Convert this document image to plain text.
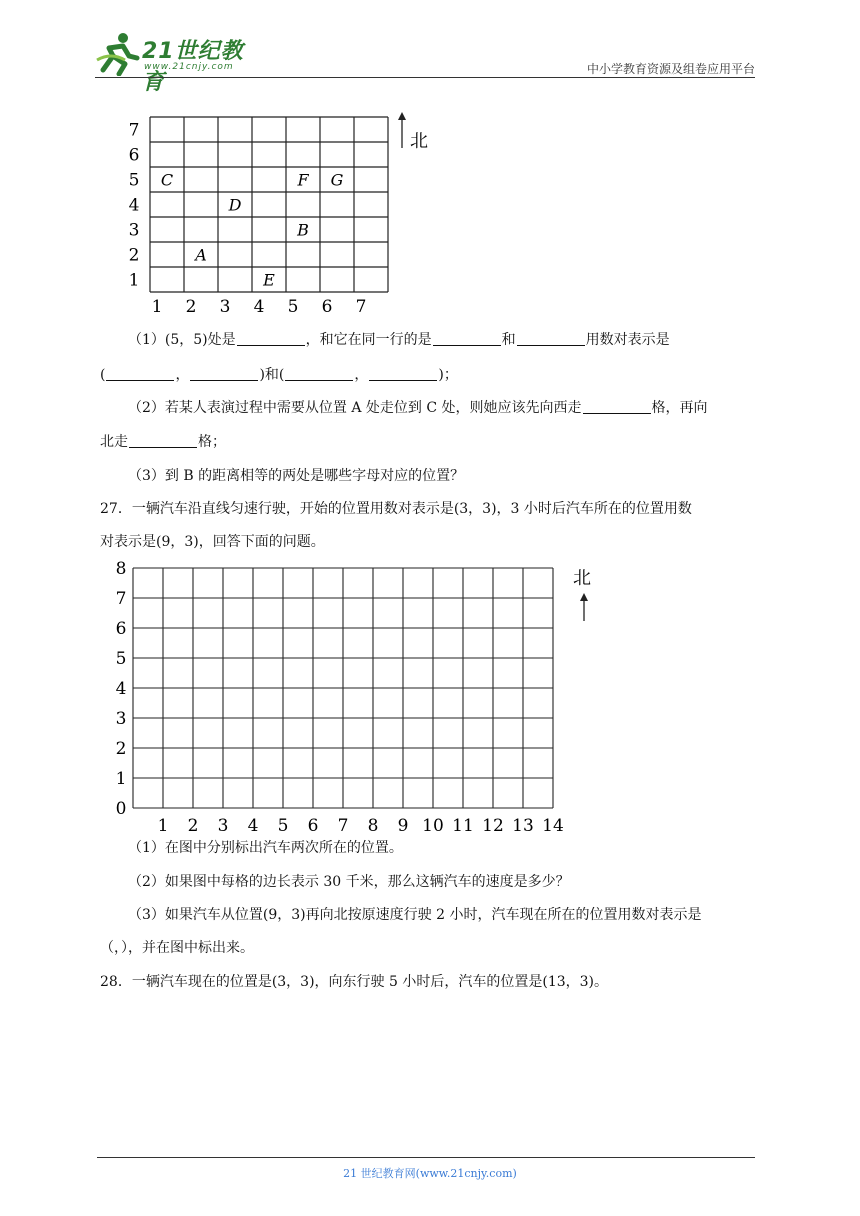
21世纪教育
www.21cnjy.com	中小学教育资源及组卷应用平台
1
2
3
4
5
6
7
1 2 3 4 5 6 7
C	F G
D
B
A
E
北
（1）(5，5)处是	，和它在同一行的是	和	用数对表示是
(	，	)和(	，	)；
（2）若某人表演过程中需要从位置 A 处走位到 C 处，则她应该先向西走	格，再向
北走	格；
（3）到 B 的距离相等的两处是哪些字母对应的位置？
27．一辆汽车沿直线匀速行驶，开始的位置用数对表示是(3，3)，3 小时后汽车所在的位置用数
对表示是(9，3)，回答下面的问题。
0
1
2
3
4
5
6
7
8
1 2 3 4 5 6 7 8 9 10 11 12 13 14
北
（1）在图中分别标出汽车两次所在的位置。
（2）如果图中每格的边长表示 30 千米，那么这辆汽车的速度是多少？
（3）如果汽车从位置(9，3)再向北按原速度行驶 2 小时，汽车现在所在的位置用数对表示是
（，），并在图中标出来。
28．一辆汽车现在的位置是(3，3)，向东行驶 5 小时后，汽车的位置是(13，3)。
21 世纪教育网(www.21cnjy.com)
